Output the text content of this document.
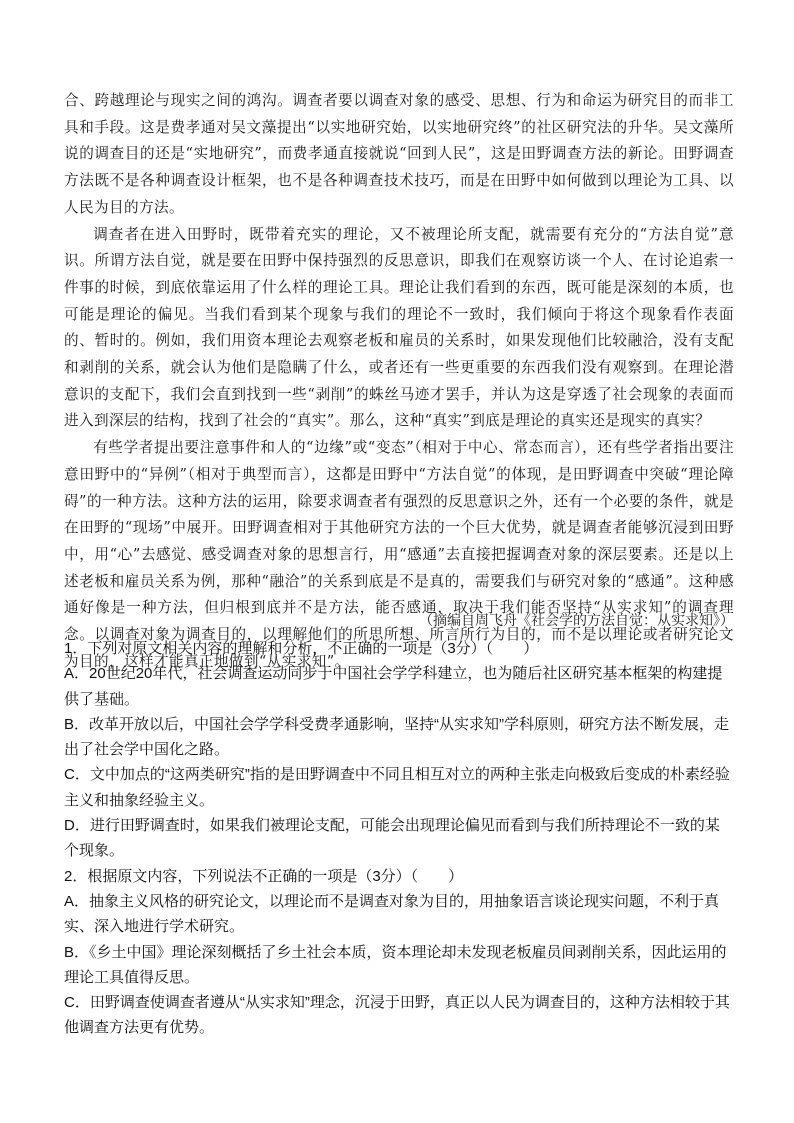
合、跨越理论与现实之间的鸿沟。调查者要以调查对象的感受、思想、行为和命运为研究目的而非工具和手段。这是费孝通对吴文藻提出“以实地研究始，以实地研究终”的社区研究法的升华。吴文藻所说的调查目的还是“实地研究”，而费孝通直接就说“回到人民”，这是田野调查方法的新论。田野调查方法既不是各种调查设计框架，也不是各种调查技术技巧，而是在田野中如何做到以理论为工具、以人民为目的方法。

调查者在进入田野时，既带着充实的理论，又不被理论所支配，就需要有充分的“方法自觉”意识。所谓方法自觉，就是要在田野中保持强烈的反思意识，即我们在观察访谈一个人、在讨论追索一件事的时候，到底依靠运用了什么样的理论工具。理论让我们看到的东西，既可能是深刻的本质，也可能是理论的偏见。当我们看到某个现象与我们的理论不一致时，我们倾向于将这个现象看作表面的、暂时的。例如，我们用资本理论去观察老板和雇员的关系时，如果发现他们比较融洽，没有支配和剥削的关系，就会认为他们是隐瞒了什么，或者还有一些更重要的东西我们没有观察到。在理论潜意识的支配下，我们会直到找到一些“剥削”的蛛丝马迹才罢手，并认为这是穿透了社会现象的表面而进入到深层的结构，找到了社会的“真实”。那么，这种“真实”到底是理论的真实还是现实的真实？

有些学者提出要注意事件和人的“边缘”或“变态”（相对于中心、常态而言），还有些学者指出要注意田野中的“异例”（相对于典型而言），这都是田野中“方法自觉”的体现，是田野调查中突破“理论障碍”的一种方法。这种方法的运用，除要求调查者有强烈的反思意识之外，还有一个必要的条件，就是在田野的“现场”中展开。田野调查相对于其他研究方法的一个巨大优势，就是调查者能够沉浸到田野中，用“心”去感觉、感受调查对象的思想言行，用“感通”去直接把握调查对象的深层要素。还是以上述老板和雇员关系为例，那种“融洽”的关系到底是不是真的，需要我们与研究对象的“感通”。这种感通好像是一种方法，但归根到底并不是方法，能否感通，取决于我们能否坚持“从实求知”的调查理念。以调查对象为调查目的，以理解他们的所思所想、所言所行为目的，而不是以理论或者研究论文为目的，这样才能真正地做到“从实求知”。

（摘编自周飞舟《社会学的方法自觉：从实求知》）

1．下列对原文相关内容的理解和分析，不正确的一项是（3分）（　　）

A．20世纪20年代，社会调查运动同步于中国社会学学科建立，也为随后社区研究基本框架的构建提供了基础。

B．改革开放以后，中国社会学学科受费孝通影响，坚持“从实求知”学科原则，研究方法不断发展，走出了社会学中国化之路。

C．文中加点的“这两类研究”指的是田野调查中不同且相互对立的两种主张走向极致后变成的朴素经验主义和抽象经验主义。

D．进行田野调查时，如果我们被理论支配，可能会出现理论偏见而看到与我们所持理论不一致的某个现象。

2．根据原文内容，下列说法不正确的一项是（3分）（　　）

A．抽象主义风格的研究论文，以理论而不是调查对象为目的，用抽象语言谈论现实问题，不利于真实、深入地进行学术研究。

B．《乡土中国》理论深刻概括了乡土社会本质，资本理论却未发现老板雇员间剥削关系，因此运用的理论工具值得反思。

C．田野调查使调查者遵从“从实求知”理念，沉浸于田野，真正以人民为调查目的，这种方法相较于其他调查方法更有优势。
